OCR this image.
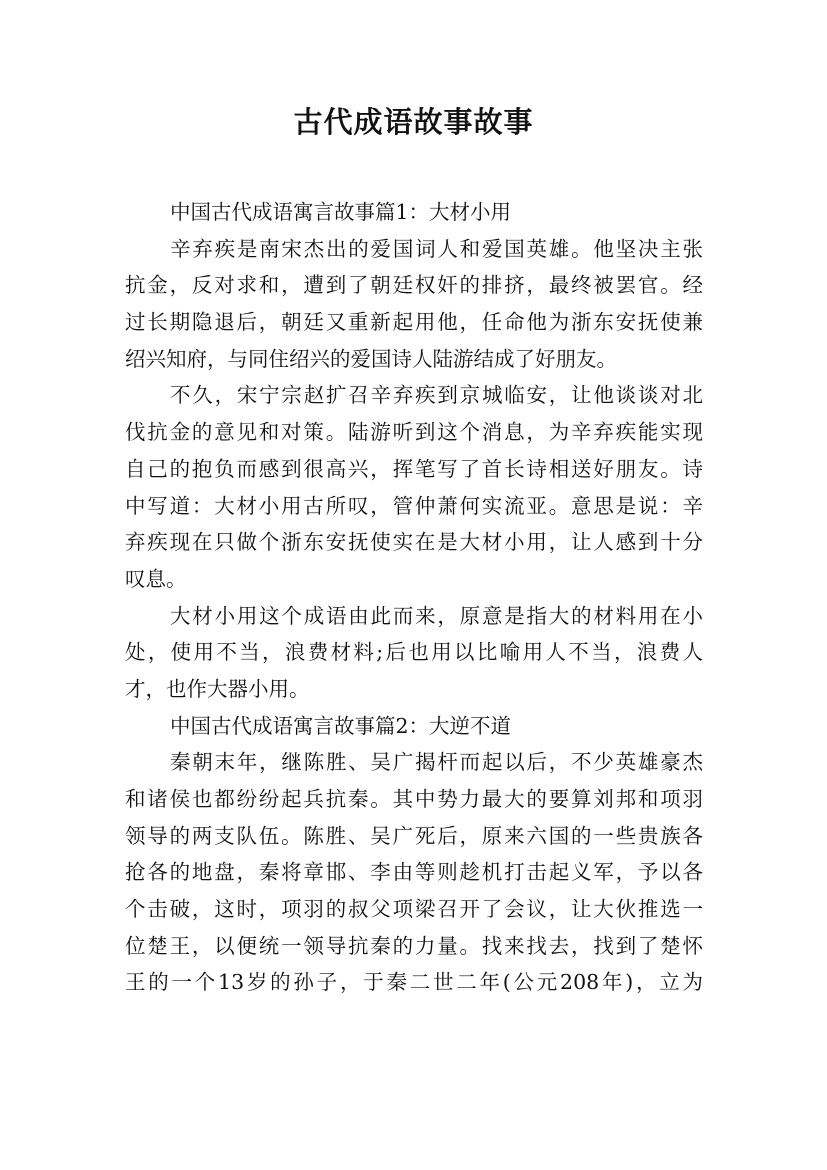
古代成语故事故事
中国古代成语寓言故事篇1：大材小用
辛弃疾是南宋杰出的爱国词人和爱国英雄。他坚决主张
抗金，反对求和，遭到了朝廷权奸的排挤，最终被罢官。经
过长期隐退后，朝廷又重新起用他，任命他为浙东安抚使兼
绍兴知府，与同住绍兴的爱国诗人陆游结成了好朋友。
不久，宋宁宗赵扩召辛弃疾到京城临安，让他谈谈对北
伐抗金的意见和对策。陆游听到这个消息，为辛弃疾能实现
自己的抱负而感到很高兴，挥笔写了首长诗相送好朋友。诗
中写道：大材小用古所叹，管仲萧何实流亚。意思是说：辛
弃疾现在只做个浙东安抚使实在是大材小用，让人感到十分
叹息。
大材小用这个成语由此而来，原意是指大的材料用在小
处，使用不当，浪费材料;后也用以比喻用人不当，浪费人
才，也作大器小用。
中国古代成语寓言故事篇2：大逆不道
秦朝末年，继陈胜、吴广揭杆而起以后，不少英雄豪杰
和诸侯也都纷纷起兵抗秦。其中势力最大的要算刘邦和项羽
领导的两支队伍。陈胜、吴广死后，原来六国的一些贵族各
抢各的地盘，秦将章邯、李由等则趁机打击起义军，予以各
个击破，这时，项羽的叔父项梁召开了会议，让大伙推选一
位楚王，以便统一领导抗秦的力量。找来找去，找到了楚怀
王的一个13岁的孙子，于秦二世二年(公元208年)，立为
